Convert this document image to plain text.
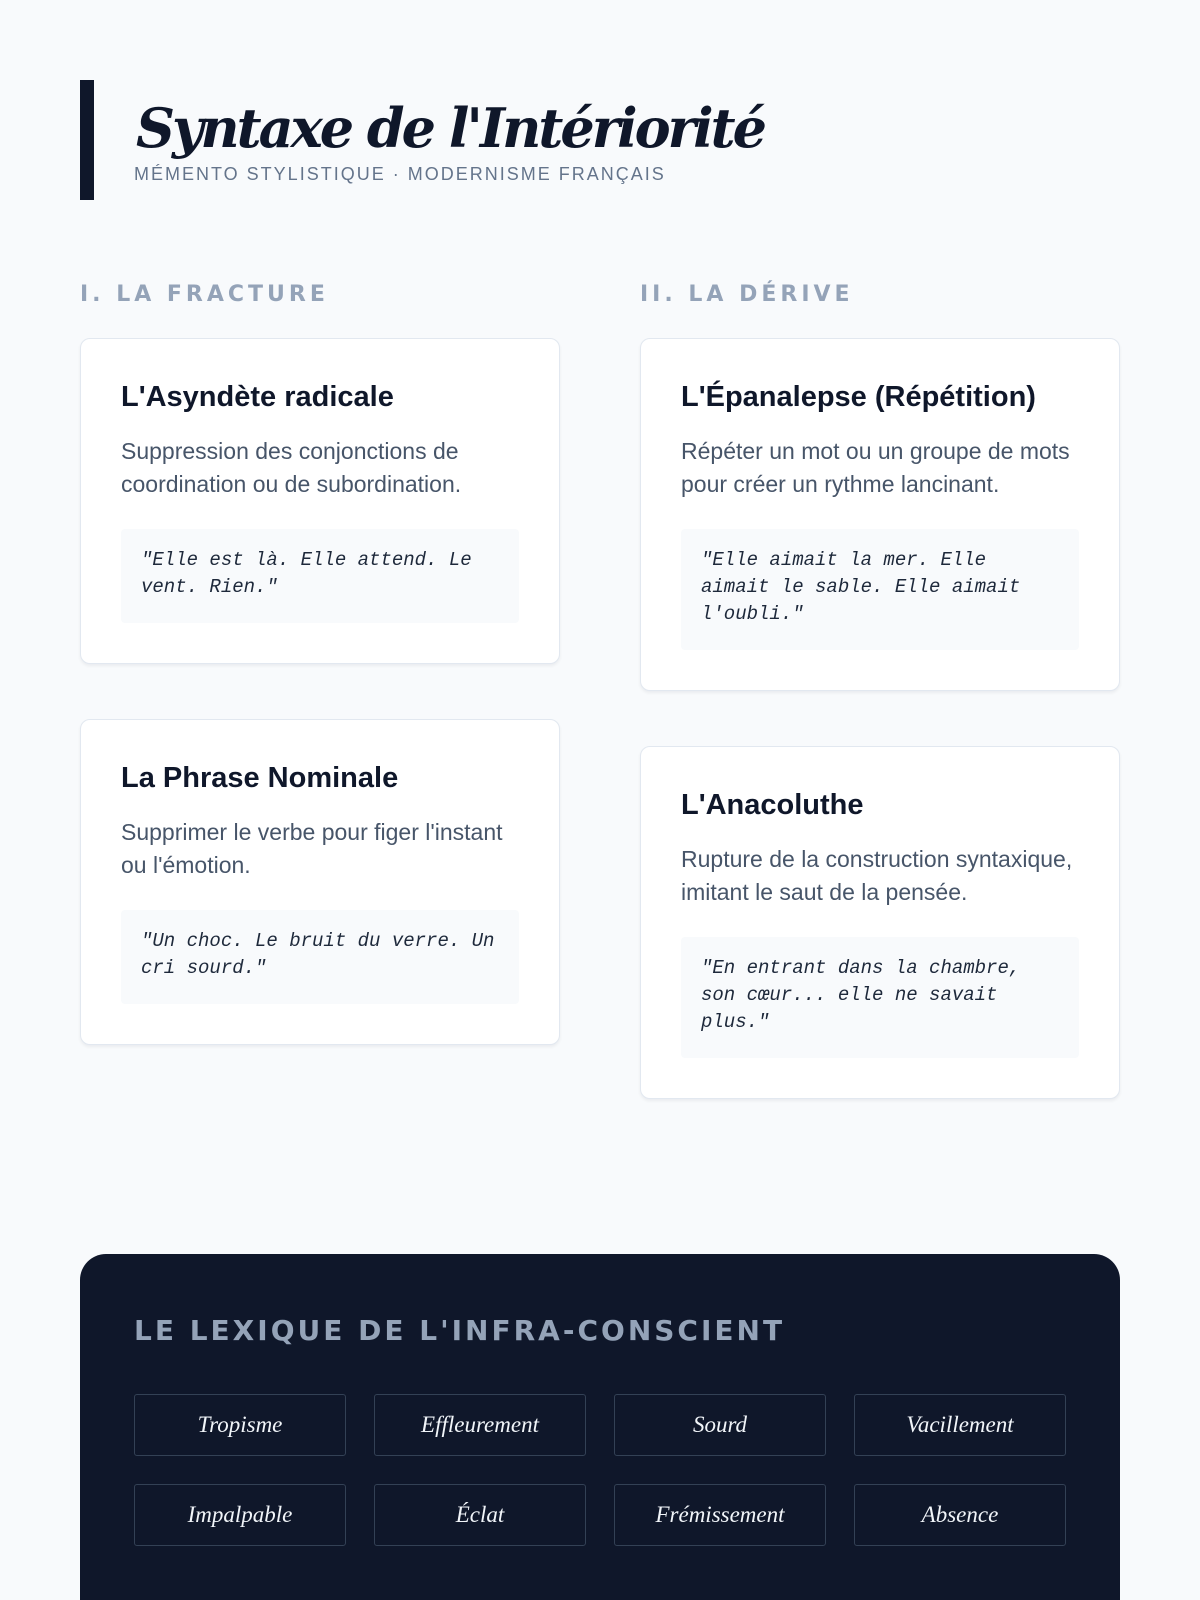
Syntaxe de l'Intériorité
MÉMENTO STYLISTIQUE · MODERNISME FRANÇAIS
I. LA FRACTURE
L'Asyndète radicale

Suppression des conjonctions de coordination ou de subordination.

"Elle est là. Elle attend. Le vent. Rien."
La Phrase Nominale

Supprimer le verbe pour figer l'instant ou l'émotion.

"Un choc. Le bruit du verre. Un cri sourd."
II. LA DÉRIVE
L'Épanalepse (Répétition)

Répéter un mot ou un groupe de mots pour créer un rythme lancinant.

"Elle aimait la mer. Elle aimait le sable. Elle aimait l'oubli."
L'Anacoluthe

Rupture de la construction syntaxique, imitant le saut de la pensée.

"En entrant dans la chambre, son cœur... elle ne savait plus."
LE LEXIQUE DE L'INFRA-CONSCIENT
Tropisme	Effleurement	Sourd	Vacillement
Impalpable	Éclat	Frémissement	Absence
